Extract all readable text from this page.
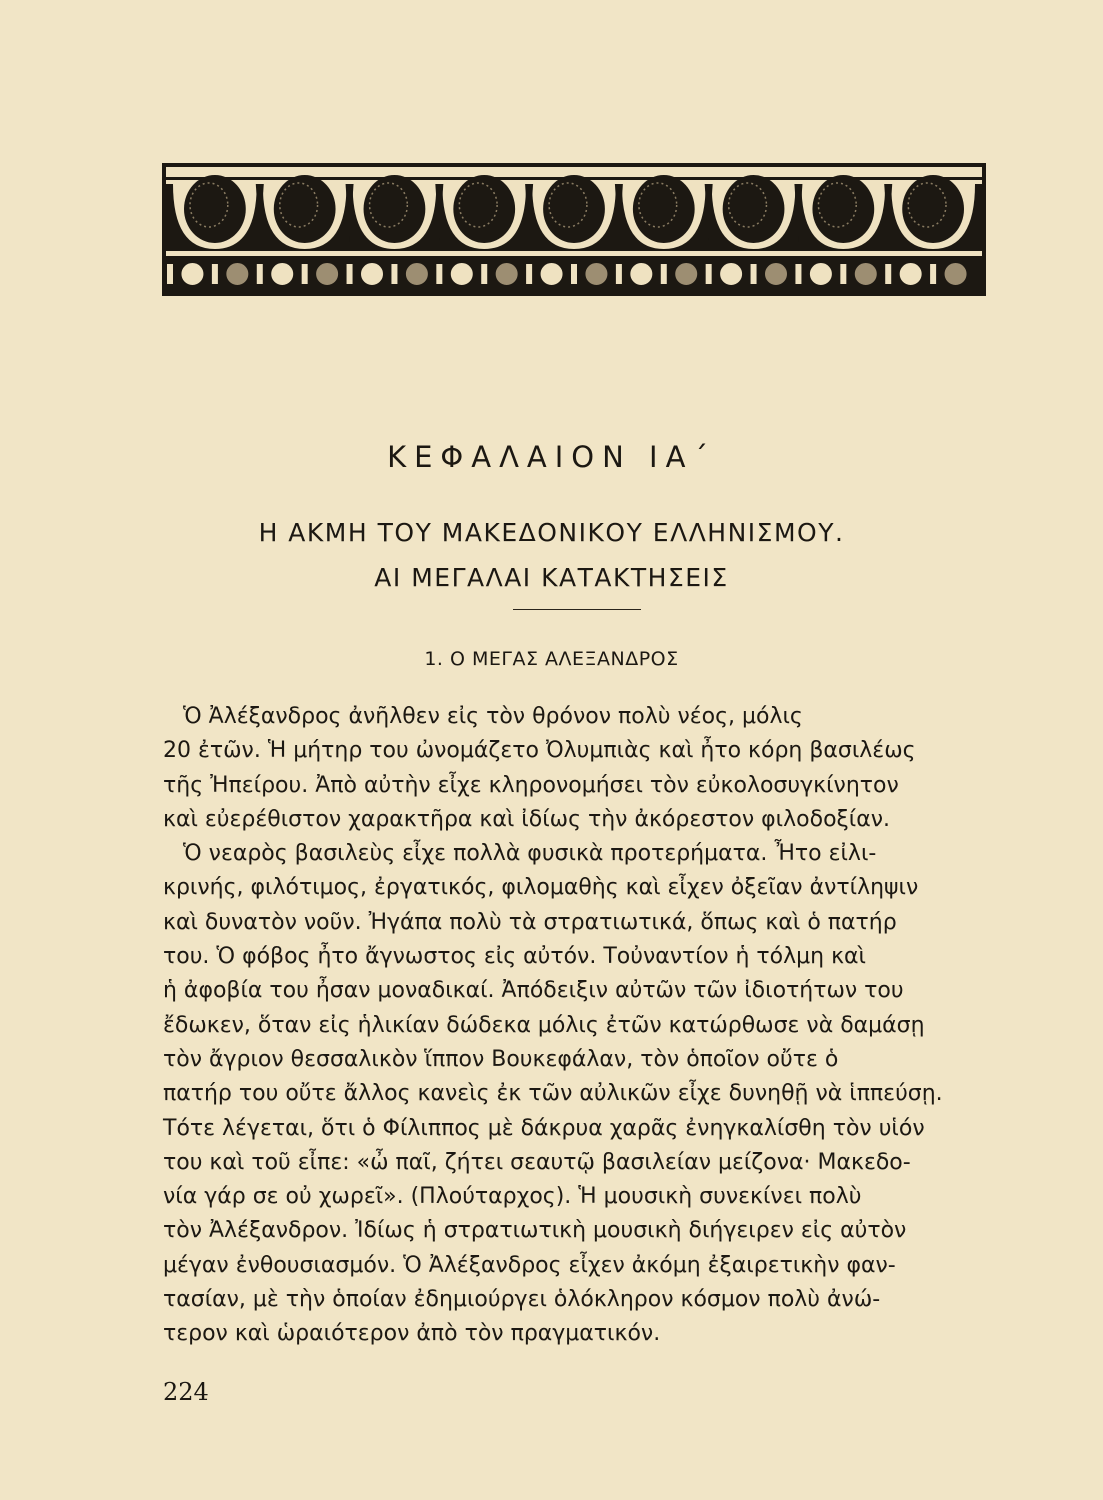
ΚΕΦΑΛΑΙΟΝ ΙΑ΄
Η ΑΚΜΗ ΤΟΥ ΜΑΚΕΔΟΝΙΚΟΥ ΕΛΛΗΝΙΣΜΟΥ.
ΑΙ ΜΕΓΑΛΑΙ ΚΑΤΑΚΤΗΣΕΙΣ
1. Ο ΜΕΓΑΣ ΑΛΕΞΑΝΔΡΟΣ
Ὁ Ἀλέξανδρος ἀνῆλθεν εἰς τὸν θρόνον πολὺ νέος, μόλις
20 ἐτῶν. Ἡ μήτηρ του ὠνομάζετο Ὀλυμπιὰς καὶ ἦτο κόρη βασιλέως
τῆς Ἠπείρου. Ἀπὸ αὐτὴν εἶχε κληρονομήσει τὸν εὐκολοσυγκίνητον
καὶ εὐερέθιστον χαρακτῆρα καὶ ἰδίως τὴν ἀκόρεστον φιλοδοξίαν.
Ὁ νεαρὸς βασιλεὺς εἶχε πολλὰ φυσικὰ προτερήματα. Ἦτο εἰλι-
κρινής, φιλότιμος, ἐργατικός, φιλομαθὴς καὶ εἶχεν ὀξεῖαν ἀντίληψιν
καὶ δυνατὸν νοῦν. Ἠγάπα πολὺ τὰ στρατιωτικά, ὅπως καὶ ὁ πατήρ
του. Ὁ φόβος ἦτο ἄγνωστος εἰς αὐτόν. Τοὐναντίον ἡ τόλμη καὶ
ἡ ἀφοβία του ἦσαν μοναδικαί. Ἀπόδειξιν αὐτῶν τῶν ἰδιοτήτων του
ἔδωκεν, ὅταν εἰς ἡλικίαν δώδεκα μόλις ἐτῶν κατώρθωσε νὰ δαμάσῃ
τὸν ἄγριον θεσσαλικὸν ἵππον Βουκεφάλαν, τὸν ὁποῖον οὔτε ὁ
πατήρ του οὔτε ἄλλος κανεὶς ἐκ τῶν αὐλικῶν εἶχε δυνηθῇ νὰ ἱππεύσῃ.
Τότε λέγεται, ὅτι ὁ Φίλιππος μὲ δάκρυα χαρᾶς ἐνηγκαλίσθη τὸν υἱόν
του καὶ τοῦ εἶπε: «ὦ παῖ, ζήτει σεαυτῷ βασιλείαν μείζονα· Μακεδο-
νία γάρ σε οὐ χωρεῖ». (Πλούταρχος). Ἡ μουσικὴ συνεκίνει πολὺ
τὸν Ἀλέξανδρον. Ἰδίως ἡ στρατιωτικὴ μουσικὴ διήγειρεν εἰς αὐτὸν
μέγαν ἐνθουσιασμόν. Ὁ Ἀλέξανδρος εἶχεν ἀκόμη ἐξαιρετικὴν φαν-
τασίαν, μὲ τὴν ὁποίαν ἐδημιούργει ὁλόκληρον κόσμον πολὺ ἀνώ-
τερον καὶ ὡραιότερον ἀπὸ τὸν πραγματικόν.
224
